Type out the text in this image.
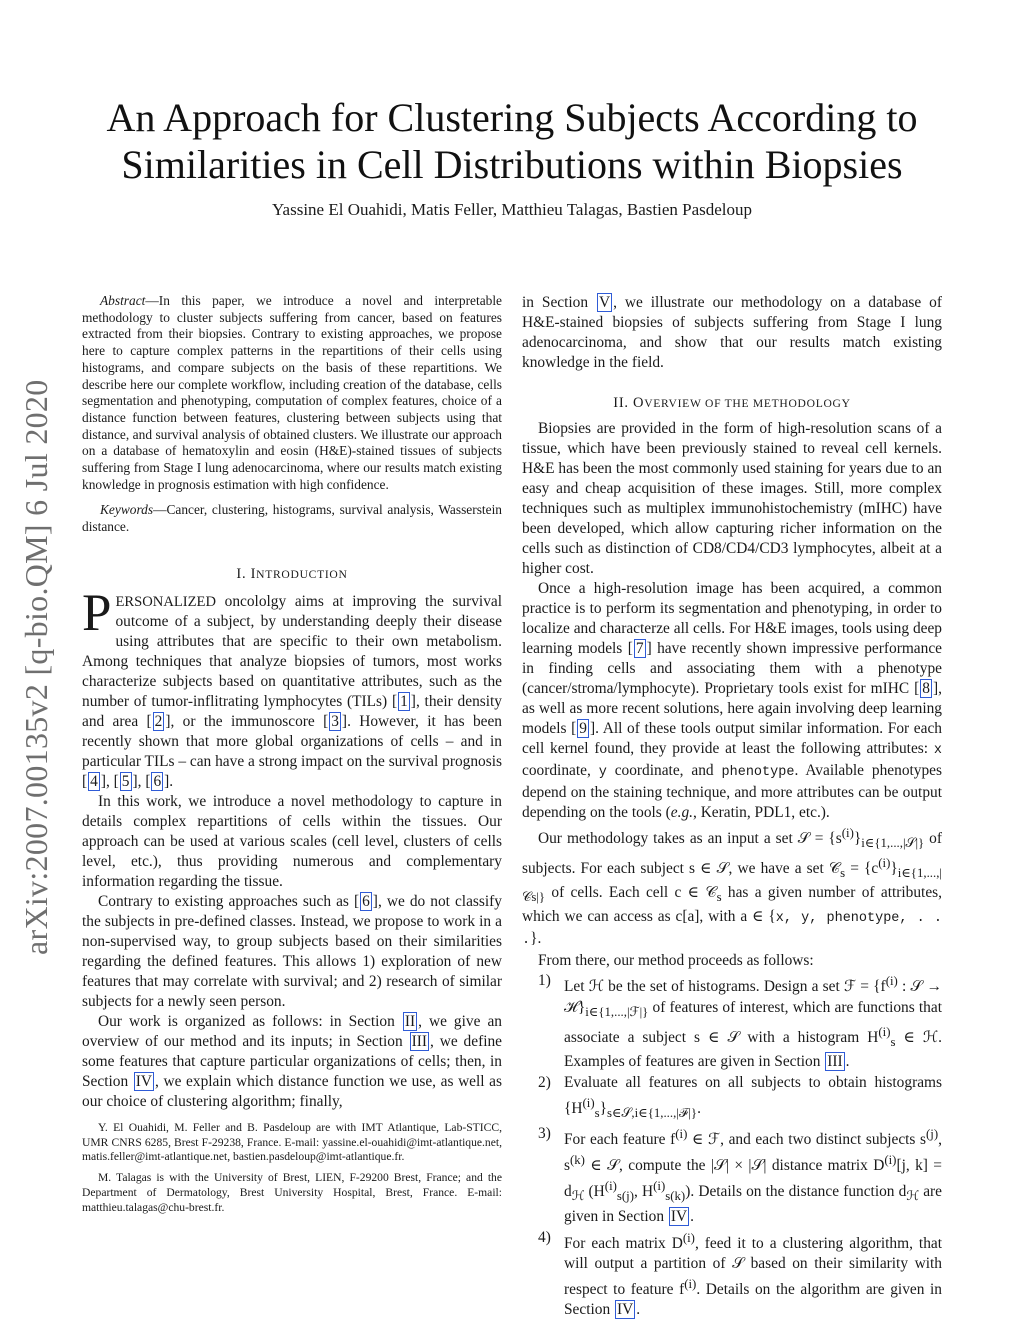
An Approach for Clustering Subjects According to Similarities in Cell Distributions within Biopsies
Yassine El Ouahidi, Matis Feller, Matthieu Talagas, Bastien Pasdeloup
arXiv:2007.00135v2 [q-bio.QM] 6 Jul 2020

Abstract—In this paper, we introduce a novel and interpretable methodology to cluster subjects suffering from cancer, based on features extracted from their biopsies. Contrary to existing approaches, we propose here to capture complex patterns in the repartitions of their cells using histograms, and compare subjects on the basis of these repartitions. We describe here our complete workflow, including creation of the database, cells segmentation and phenotyping, computation of complex features, choice of a distance function between features, clustering between subjects using that distance, and survival analysis of obtained clusters. We illustrate our approach on a database of hematoxylin and eosin (H&E)-stained tissues of subjects suffering from Stage I lung adenocarcinoma, where our results match existing knowledge in prognosis estimation with high confidence.

Keywords—Cancer, clustering, histograms, survival analysis, Wasserstein distance.

I. INTRODUCTION

PERSONALIZED oncololgy aims at improving the survival outcome of a subject, by understanding deeply their disease using attributes that are specific to their own metabolism. Among techniques that analyze biopsies of tumors, most works characterize subjects based on quantitative attributes, such as the number of tumor-inflitrating lymphocytes (TILs) [ 1 ], their density and area [ 2 ], or the immunoscore [ 3 ]. However, it has been recently shown that more global organizations of cells – and in particular TILs – can have a strong impact on the survival prognosis [ 4 ], [ 5 ], [ 6 ].

In this work, we introduce a novel methodology to capture in details complex repartitions of cells within the tissues. Our approach can be used at various scales (cell level, clusters of cells level, etc.), thus providing numerous and complementary information regarding the tissue.

Contrary to existing approaches such as [ 6 ], we do not classify the subjects in pre-defined classes. Instead, we propose to work in a non-supervised way, to group subjects based on their similarities regarding the defined features. This allows 1) exploration of new features that may correlate with survival; and 2) research of similar subjects for a newly seen person.

Our work is organized as follows: in Section II , we give an overview of our method and its inputs; in Section III , we define some features that capture particular organizations of cells; then, in Section IV , we explain which distance function we use, as well as our choice of clustering algorithm; finally,

Y. El Ouahidi, M. Feller and B. Pasdeloup are with IMT Atlantique, Lab-STICC, UMR CNRS 6285, Brest F-29238, France. E-mail: yassine.el-ouahidi@imt-atlantique.net, matis.feller@imt-atlantique.net, bastien.pasdeloup@imt-atlantique.fr.

M. Talagas is with the University of Brest, LIEN, F-29200 Brest, France; and the Department of Dermatology, Brest University Hospital, Brest, France. E-mail: matthieu.talagas@chu-brest.fr.

in Section V , we illustrate our methodology on a database of H&E-stained biopsies of subjects suffering from Stage I lung adenocarcinoma, and show that our results match existing knowledge in the field.

II. OVERVIEW OF THE METHODOLOGY

Biopsies are provided in the form of high-resolution scans of a tissue, which have been previously stained to reveal cell kernels. H&E has been the most commonly used staining for years due to an easy and cheap acquisition of these images. Still, more complex techniques such as multiplex immunohistochemistry (mIHC) have been developed, which allow capturing richer information on the cells such as distinction of CD8/CD4/CD3 lymphocytes, albeit at a higher cost.

Once a high-resolution image has been acquired, a common practice is to perform its segmentation and phenotyping, in order to localize and characterze all cells. For H&E images, tools using deep learning models [ 7 ] have recently shown impressive performance in finding cells and associating them with a phenotype (cancer/stroma/lymphocyte). Proprietary tools exist for mIHC [ 8 ], as well as more recent solutions, here again involving deep learning models [ 9 ]. All of these tools output similar information. For each cell kernel found, they provide at least the following attributes: x coordinate, y coordinate, and phenotype. Available phenotypes depend on the staining technique, and more attributes can be output depending on the tools (e.g., Keratin, PDL1, etc.).

Our methodology takes as an input a set 𝒮 = $\{s^{(i)}\}_{i\in\{1,...,|𝒮|\}}$ of subjects. For each subject s ∈ 𝒮, we have a set 𝒞$_s$ = $\{c^{(i)}\}_{i\in\{1,...,|𝒞s|\}}$ of cells. Each cell c ∈ 𝒞$_s$ has a given number of attributes, which we can access as c[a], with a ∈ {x, y, phenotype, . . .}.

From there, our method proceeds as follows:

1) Let ℋ be the set of histograms. Design a set ℱ = {$f^{(i)}$ : 𝒮 → $ℋ\}_{i\in\{1,...,|ℱ|\}}$ of features of interest, which are functions that associate a subject s ∈ 𝒮 with a histogram $H^{(i)}_s$ ∈ ℋ. Examples of features are given in Section III .
2) Evaluate all features on all subjects to obtain histograms $\{H^{(i)}_s\}_{s\in 𝒮,i\in\{1,...,|ℱ|\}}$.
3) For each feature $f^{(i)}$ ∈ ℱ, and each two distinct subjects $s^{(j)}$, $s^{(k)}$ ∈ 𝒮, compute the |𝒮| × |𝒮| distance matrix $D^{(i)}[j$, $k] = d_ℋ$ ($H^{(i)}_{s(j)}$, $H^{(i)}_{s(k)}$). Details on the distance function $d_ℋ$ are given in Section IV .
4) For each matrix $D^{(i)}$, feed it to a clustering algorithm, that will output a partition of 𝒮 based on their similarity with respect to feature $f^{(i)}$. Details on the algorithm are given in Section IV .
